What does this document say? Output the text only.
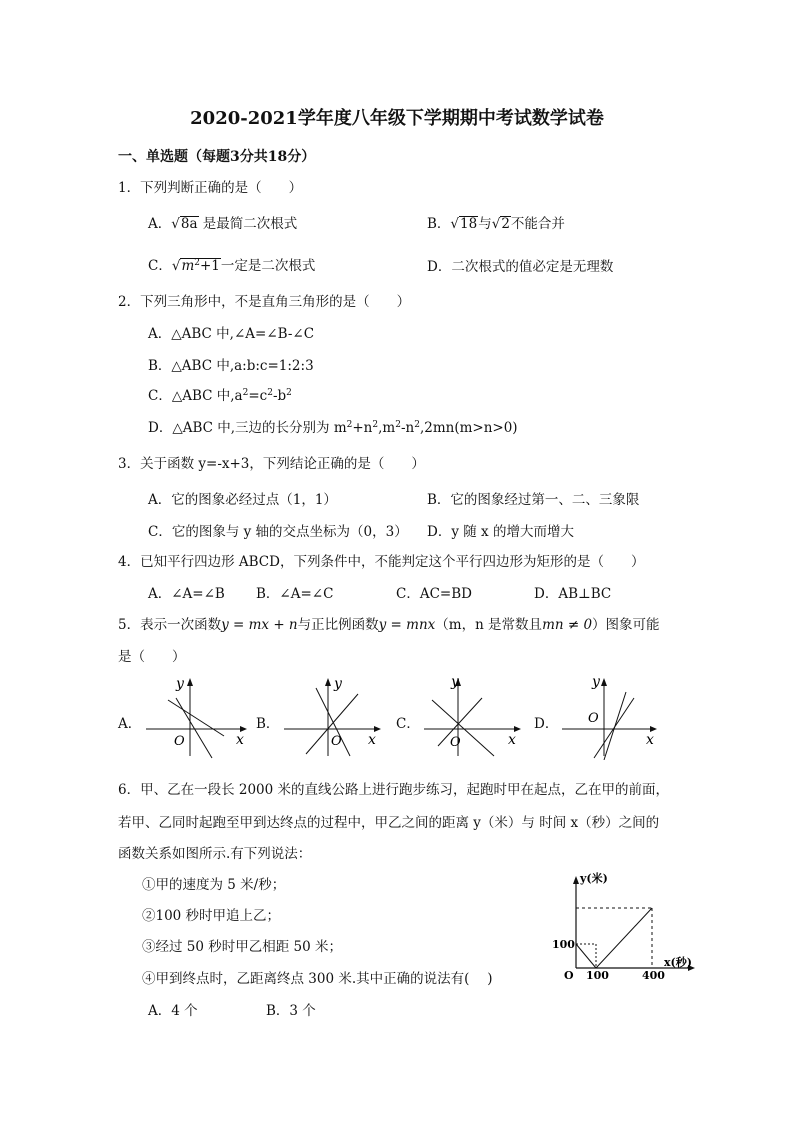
2020-2021学年度八年级下学期期中考试数学试卷
一、单选题（每题3分共18分）
1．下列判断正确的是（　　）
A．√8a 是最简二次根式	B．√18与√2不能合并
C．$√m^2+1$一定是二次根式	D．二次根式的值必定是无理数
2．下列三角形中，不是直角三角形的是（　　）
A．△ABC 中,∠A=∠B-∠C
B．△ABC 中,a:b:c=1:2:3
C．△ABC 中$,a^2=c^2-b^2$
D．△ABC 中,三边的长分别为 $m^2+n^2,m^2-n^2,2mn(m>n>0)$
3．关于函数 y=-x+3，下列结论正确的是（　　）
A．它的图象必经过点（1，1）	B．它的图象经过第一、二、三象限
C．它的图象与 y 轴的交点坐标为（0，3） D．y 随 x 的增大而增大
4．已知平行四边形 ABCD，下列条件中，不能判定这个平行四边形为矩形的是（　　）
A．∠A=∠B B．∠A=∠C	C．AC=BD	D．AB⊥BC
5．表示一次函数y = mx + n与正比例函数y = mnx（m，n 是常数且mn ≠ 0）图象可能
是（　　）
A．
y
x
O
B．
y
x
O
C．
y
x
O
D．
y
x
O
6．甲、乙在一段长 2000 米的直线公路上进行跑步练习，起跑时甲在起点，乙在甲的前面，
若甲、乙同时起跑至甲到达终点的过程中，甲乙之间的距离 y（米）与 时间 x（秒）之间的
函数关系如图所示.有下列说法：
①甲的速度为 5 米/秒；
②100 秒时甲追上乙；
③经过 50 秒时甲乙相距 50 米；
④甲到终点时，乙距离终点 300 米.其中正确的说法有(　 )
A．4 个	B．3 个
y(米)
x(秒)
O
100
100	400
